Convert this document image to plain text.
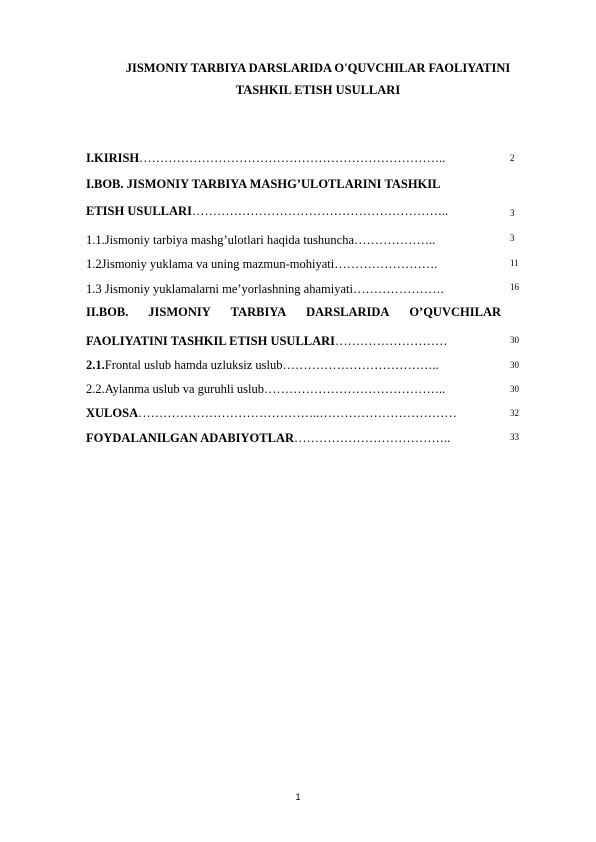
JISMONIY TARBIYA DARSLARIDA O'QUVCHILAR FAOLIYATINI
TASHKIL ETISH USULLARI
I.KIRISH………………………………………………………………..	2
I.BOB. JISMONIY TARBIYA MASHG’ULOTLARINI TASHKIL
ETISH USULLARI……………………………………………………..	3
1.1.Jismoniy tarbiya mashg’ulotlari haqida tushuncha………………..	3
1.2Jismoniy yuklama va uning mazmun-mohiyati…………………….	11
1.3 Jismoniy yuklamalarni me’yorlashning ahamiyati………………….	16
II.BOB. JISMONIY TARBIYA DARSLARIDA O’QUVCHILAR
FAOLIYATINI TASHKIL ETISH USULLARI………………………	30
2.1.Frontal uslub hamda uzluksiz uslub………………………………..	30
2.2.Aylanma uslub va guruhli uslub……………………………………..	30
XULOSA……………………………………..……………………………	32
FOYDALANILGAN ADABIYOTLAR………………………………..	33
1
